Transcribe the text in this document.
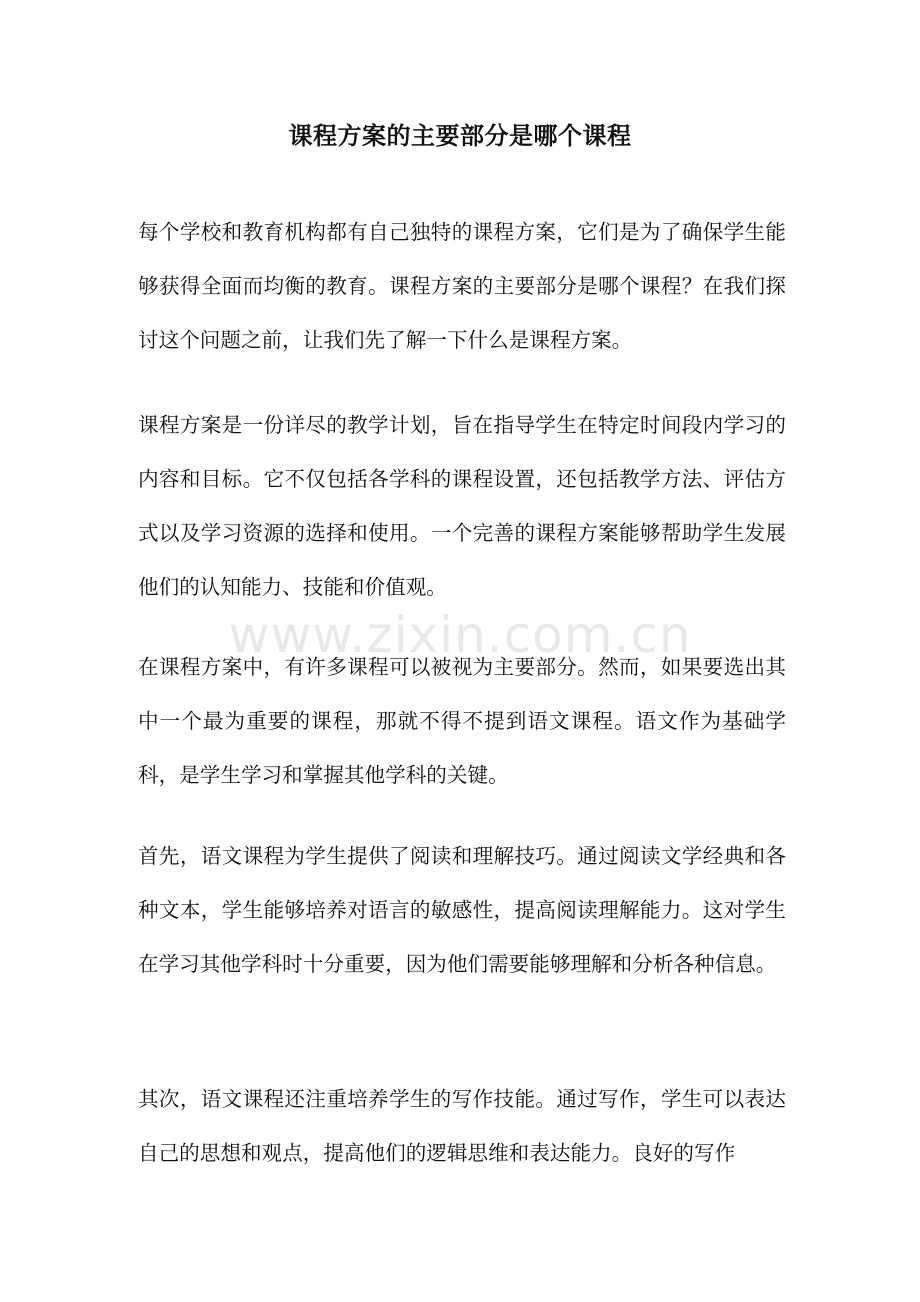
课程方案的主要部分是哪个课程
www.zixin.com.cn

每个学校和教育机构都有自己独特的课程方案，它们是为了确保学生能够获得全面而均衡的教育。课程方案的主要部分是哪个课程？在我们探讨这个问题之前，让我们先了解一下什么是课程方案。

课程方案是一份详尽的教学计划，旨在指导学生在特定时间段内学习的内容和目标。它不仅包括各学科的课程设置，还包括教学方法、评估方式以及学习资源的选择和使用。一个完善的课程方案能够帮助学生发展他们的认知能力、技能和价值观。

在课程方案中，有许多课程可以被视为主要部分。然而，如果要选出其中一个最为重要的课程，那就不得不提到语文课程。语文作为基础学科，是学生学习和掌握其他学科的关键。

首先，语文课程为学生提供了阅读和理解技巧。通过阅读文学经典和各种文本，学生能够培养对语言的敏感性，提高阅读理解能力。这对学生在学习其他学科时十分重要，因为他们需要能够理解和分析各种信息。

其次，语文课程还注重培养学生的写作技能。通过写作，学生可以表达自己的思想和观点，提高他们的逻辑思维和表达能力。良好的写作
